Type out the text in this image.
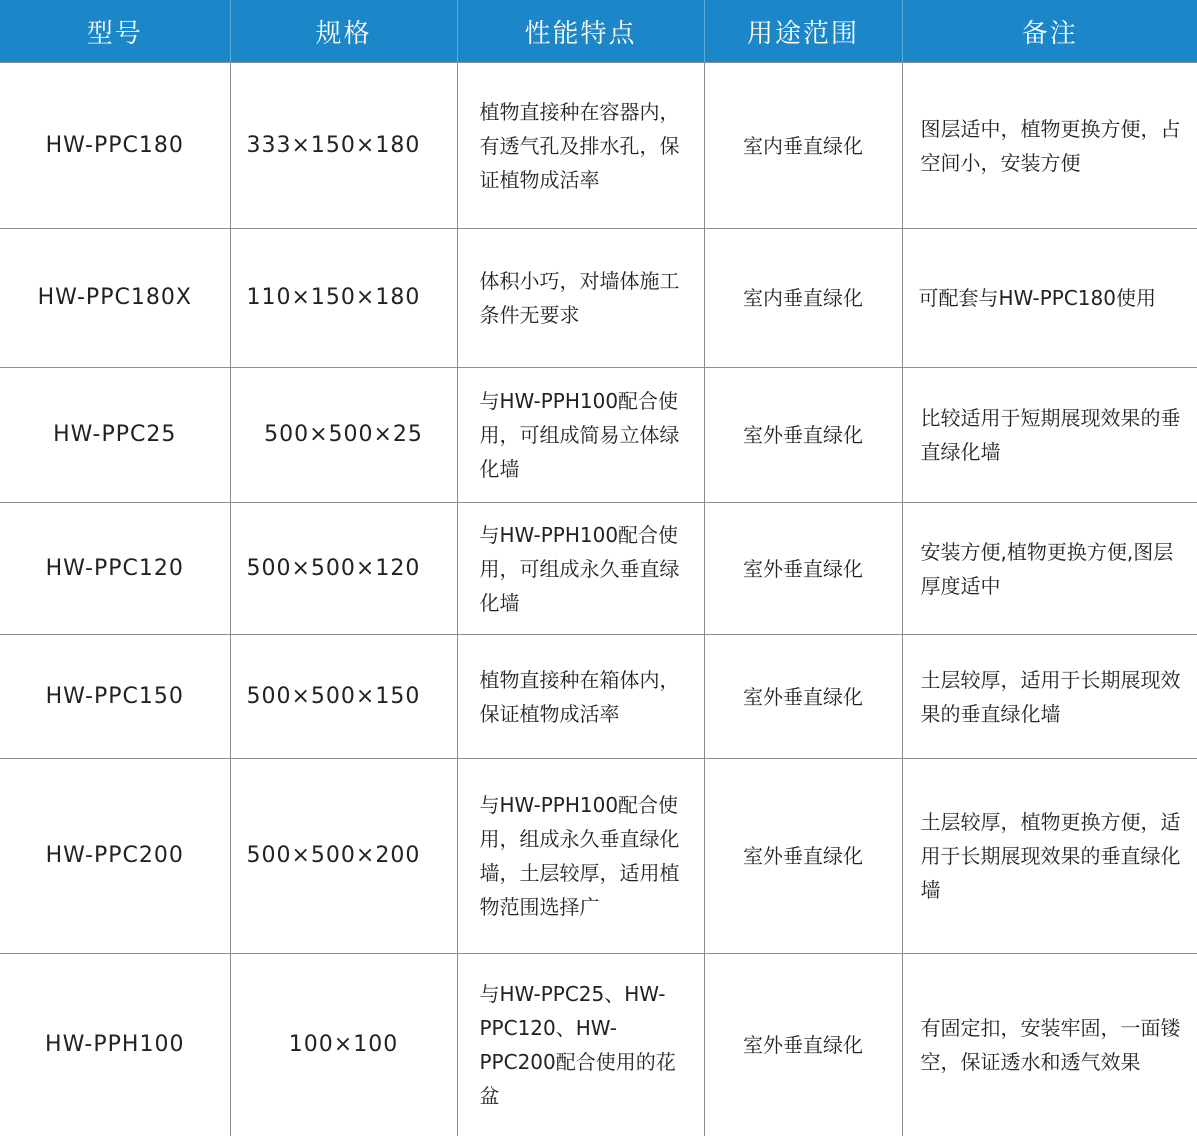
型号	规格	性能特点	用途范围	备注
HW-PPC180	333×150×180	植物直接种在容器内，有透气孔及排水孔，保证植物成活率	室内垂直绿化	图层适中，植物更换方便，占空间小，安装方便
HW-PPC180X	110×150×180	体积小巧，对墙体施工条件无要求	室内垂直绿化	可配套与HW-PPC180使用
HW-PPC25	500×500×25	与HW-PPH100配合使用，可组成简易立体绿化墙	室外垂直绿化	比较适用于短期展现效果的垂直绿化墙
HW-PPC120	500×500×120	与HW-PPH100配合使用，可组成永久垂直绿化墙	室外垂直绿化	安装方便,植物更换方便,图层厚度适中
HW-PPC150	500×500×150	植物直接种在箱体内，保证植物成活率	室外垂直绿化	土层较厚，适用于长期展现效果的垂直绿化墙
HW-PPC200	500×500×200	与HW-PPH100配合使用，组成永久垂直绿化墙，土层较厚，适用植物范围选择广	室外垂直绿化	土层较厚，植物更换方便，适用于长期展现效果的垂直绿化墙
HW-PPH100	100×100	与HW-PPC25、HW-PPC120、HW-PPC200配合使用的花盆	室外垂直绿化	有固定扣，安装牢固，一面镂空，保证透水和透气效果
